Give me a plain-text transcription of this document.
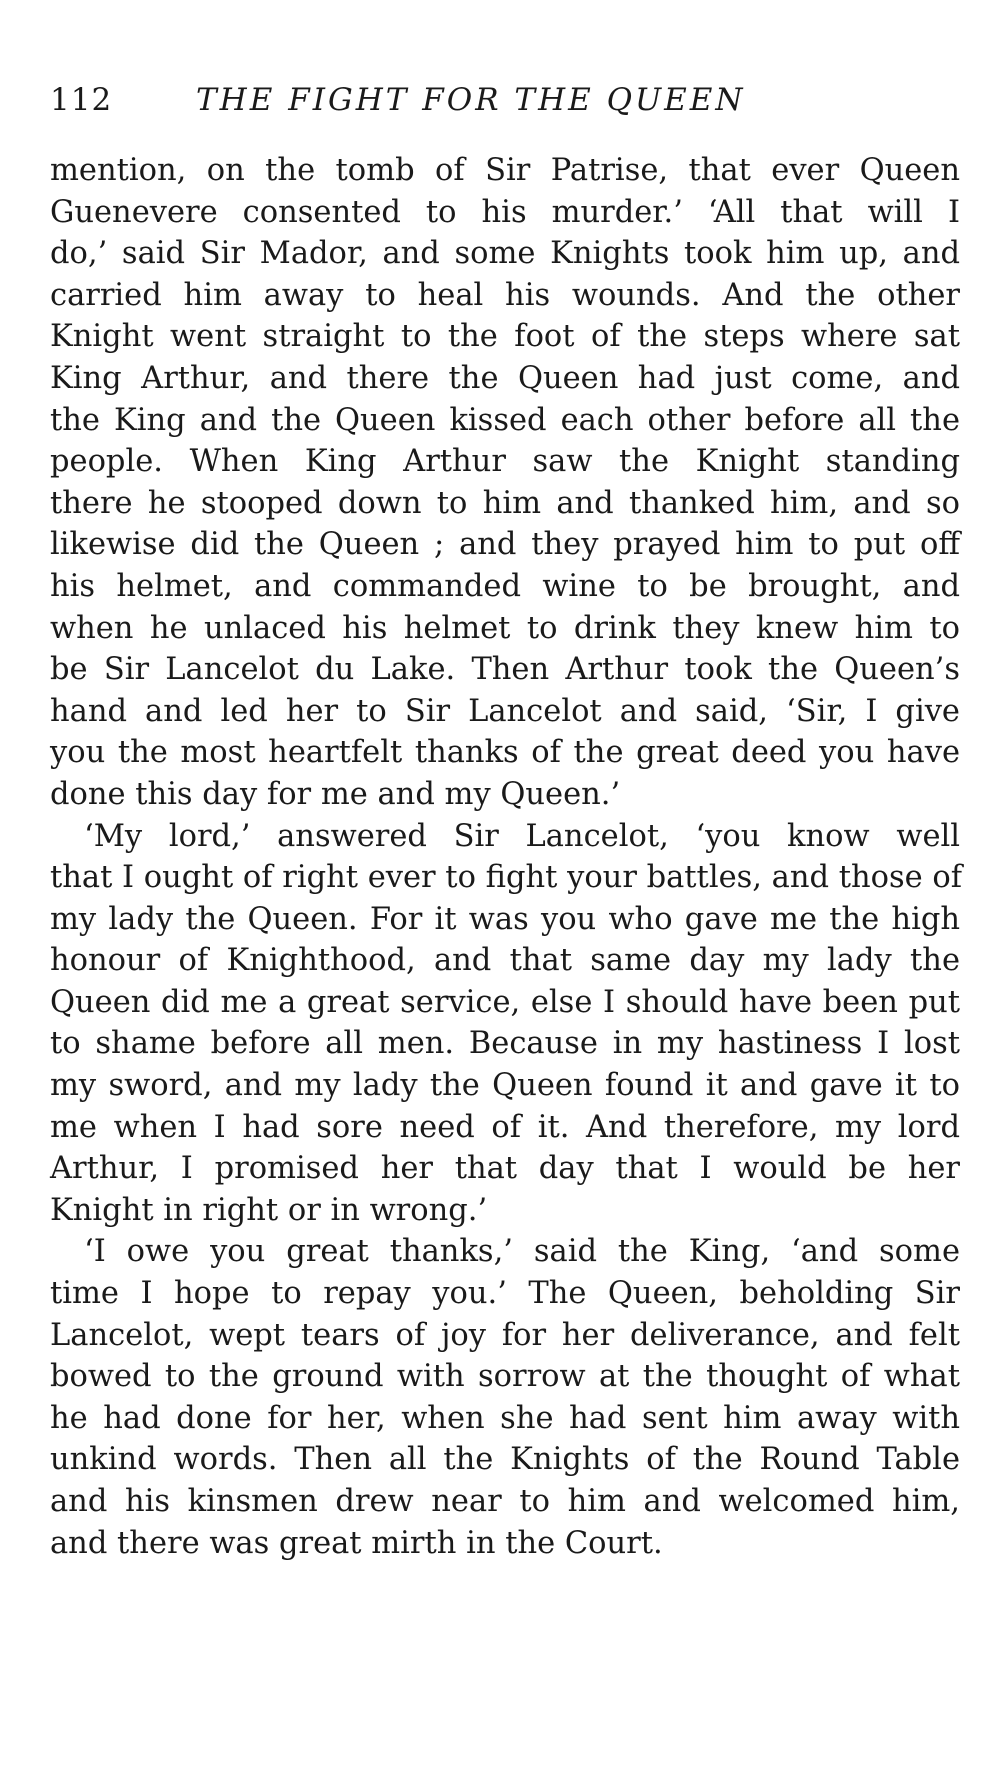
112	THE FIGHT FOR THE QUEEN
mention, on the tomb of Sir Patrise, that ever Queen
Guenevere consented to his murder.’ ‘All that will I
do,’ said Sir Mador, and some Knights took him up, and
carried him away to heal his wounds. And the other
Knight went straight to the foot of the steps where sat
King Arthur, and there the Queen had just come, and
the King and the Queen kissed each other before all the
people. When King Arthur saw the Knight standing
there he stooped down to him and thanked him, and so
likewise did the Queen ; and they prayed him to put off
his helmet, and commanded wine to be brought, and
when he unlaced his helmet to drink they knew him to
be Sir Lancelot du Lake. Then Arthur took the Queen’s
hand and led her to Sir Lancelot and said, ‘Sir, I give
you the most heartfelt thanks of the great deed you have
done this day for me and my Queen.’
‘My lord,’ answered Sir Lancelot, ‘you know well
that I ought of right ever to fight your battles, and those of
my lady the Queen. For it was you who gave me the high
honour of Knighthood, and that same day my lady the
Queen did me a great service, else I should have been put
to shame before all men. Because in my hastiness I lost
my sword, and my lady the Queen found it and gave it to
me when I had sore need of it. And therefore, my lord
Arthur, I promised her that day that I would be her
Knight in right or in wrong.’
‘I owe you great thanks,’ said the King, ‘and some
time I hope to repay you.’ The Queen, beholding Sir
Lancelot, wept tears of joy for her deliverance, and felt
bowed to the ground with sorrow at the thought of what
he had done for her, when she had sent him away with
unkind words. Then all the Knights of the Round Table
and his kinsmen drew near to him and welcomed him,
and there was great mirth in the Court.
